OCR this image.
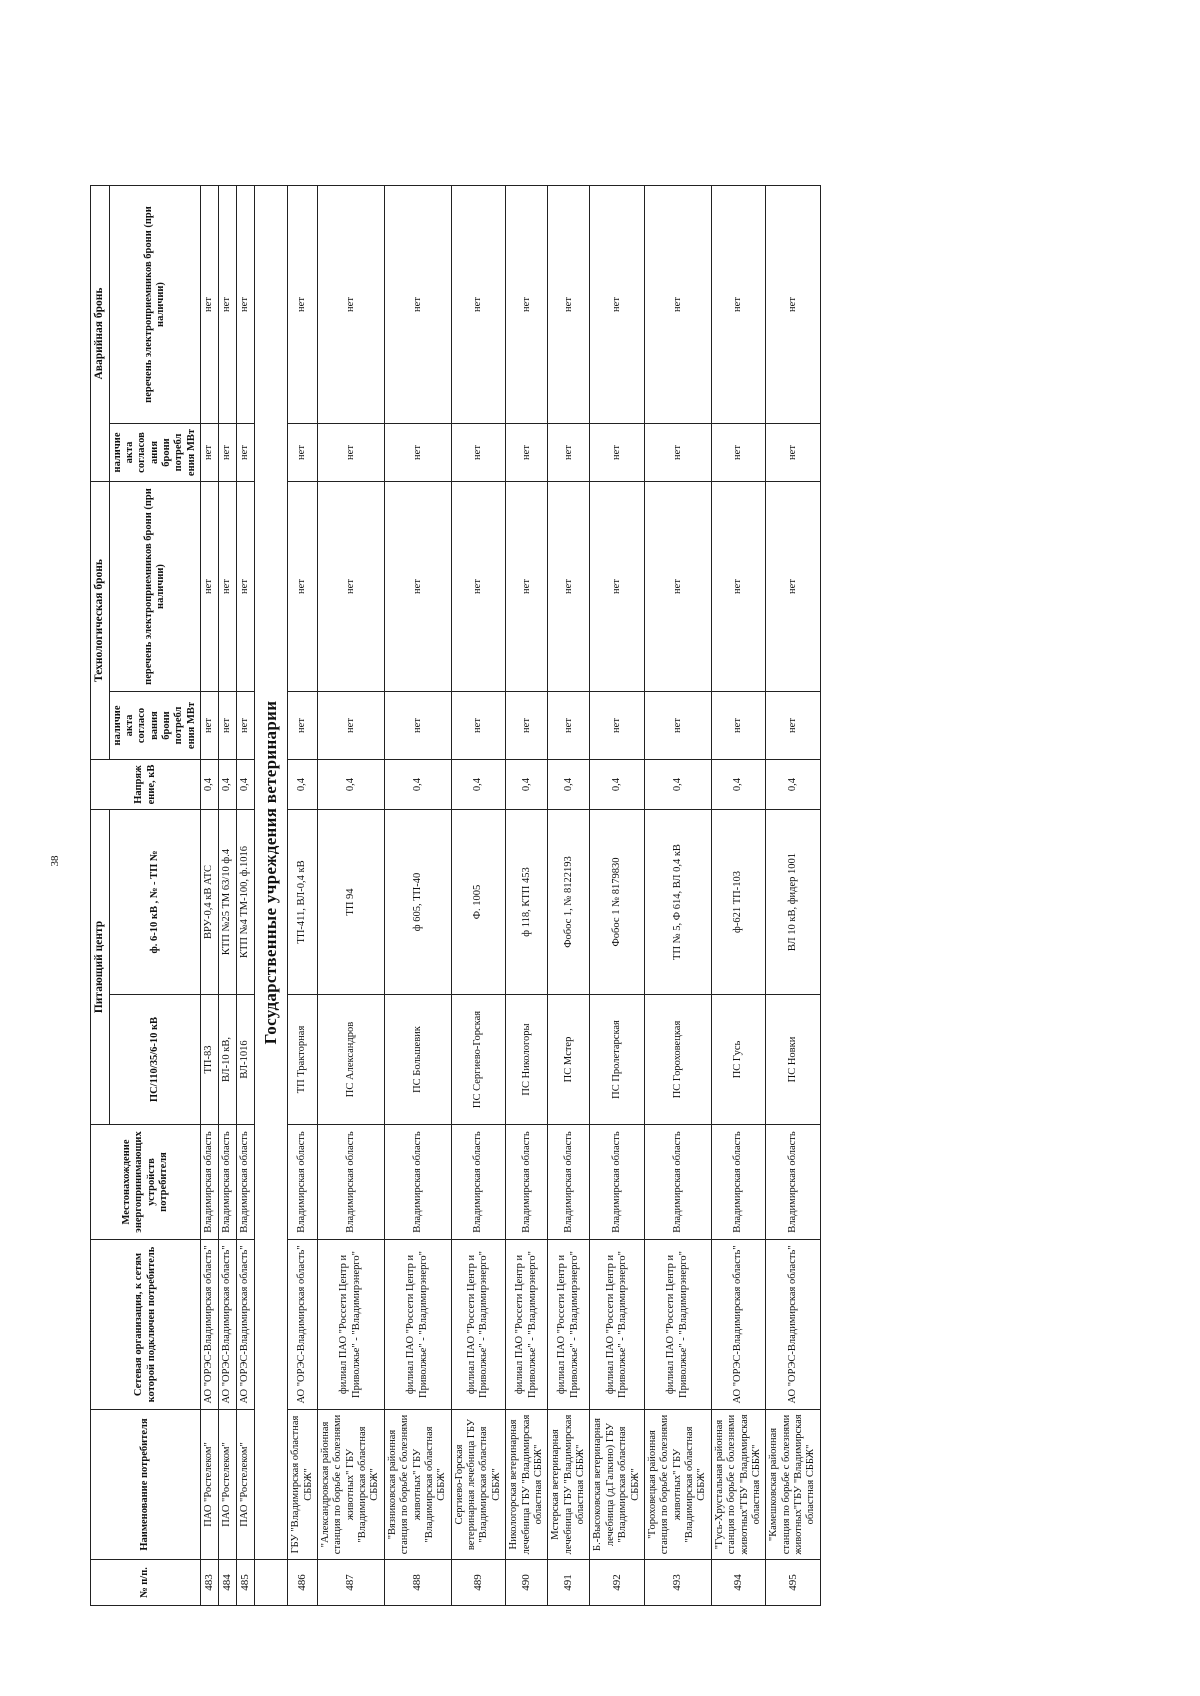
38
№ п/п.	Наименование потребителя	Сетевая организация, к сетям которой подключен потребитель	Местонахождение энергопринимающих устройств потребителя	Питающий центр		Напряж ение, кВ	Технологическая бронь		Аварийная бронь	
				ПС/110/35/6-10 кВ	ф. 6-10 кВ , № - ТП №		наличие акта согласо вания брони потребл ения МВт	перечень электроприемников брони (при наличии)	наличие акта согласов ания брони потребл ения МВт	перечень электроприемников брони (при наличии)
483	ПАО "Ростелеком"	АО "ОРЭС-Владимирская область"	Владимирская область	ТП-83	ВРУ-0,4 кВ АТС	0,4	нет	нет	нет	нет
484	ПАО "Ростелеком"	АО "ОРЭС-Владимирская область"	Владимирская область	ВЛ-10 кВ,	КТП №25 ТМ 63/10 ф.4	0,4	нет	нет	нет	нет
485	ПАО "Ростелеком"	АО "ОРЭС-Владимирская область"	Владимирская область	ВЛ-1016	КТП №4 ТМ-100, ф.1016	0,4	нет	нет	нет	нет
	Государственные учреждения ветеринарии									
486	ГБУ "Владимирская областная СББЖ"	АО "ОРЭС-Владимирская область"	Владимирская область	ТП Тракторная	ТП-411, ВЛ-0,4 кВ	0,4	нет	нет	нет	нет
487	"Александровская районная станция по борьбе с болезнями животных" ГБУ "Владимирская областная СББЖ"	филиал ПАО "Россети Центр и Приволжье" - "Владимирэнерго"	Владимирская область	ПС Александров	ТП 94	0,4	нет	нет	нет	нет
488	"Вязниковская районная станция по борьбе с болезнями животных" ГБУ "Владимирская областная СББЖ"	филиал ПАО "Россети Центр и Приволжье" - "Владимирэнерго"	Владимирская область	ПС Большевик	ф 605, ТП-40	0,4	нет	нет	нет	нет
489	Сергиево-Горская ветеринарная лечебница ГБУ "Владимирская областная СББЖ"	филиал ПАО "Россети Центр и Приволжье" - "Владимирэнерго"	Владимирская область	ПС Сергиево-Горская	Ф. 1005	0,4	нет	нет	нет	нет
490	Никологорская ветеринарная лечебница ГБУ "Владимирская областная СББЖ"	филиал ПАО "Россети Центр и Приволжье" - "Владимирэнерго"	Владимирская область	ПС Никологоры	ф 118, КТП 453	0,4	нет	нет	нет	нет
491	Мстерская ветеринарная лечебница ГБУ "Владимирская областная СББЖ"	филиал ПАО "Россети Центр и Приволжье" - "Владимирэнерго"	Владимирская область	ПС Мстер	Фобос 1, № 8122193	0,4	нет	нет	нет	нет
492	Б.-Высоковская ветеринарная лечебница (д.Галкино) ГБУ "Владимирская областная СББЖ"	филиал ПАО "Россети Центр и Приволжье" - "Владимирэнерго"	Владимирская область	ПС Пролетарская	Фобос 1 № 8179830	0,4	нет	нет	нет	нет
493	"Гороховецкая районная станция по борьбе с болезнями животных" ГБУ "Владимирская областная СББЖ"	филиал ПАО "Россети Центр и Приволжье" - "Владимирэнерго"	Владимирская область	ПС Гороховецкая	ТП № 5, Ф 614, ВЛ 0,4 кВ	0,4	нет	нет	нет	нет
494	"Гусь-Хрустальная районная станция по борьбе с болезнями животных"ГБУ "Владимирская областная СББЖ"	АО "ОРЭС-Владимирская область"	Владимирская область	ПС Гусь	ф-621 ТП-103	0,4	нет	нет	нет	нет
495	"Камешковская районная станция по борьбе с болезнями животных"ГБУ "Владимирская областная СББЖ"	АО "ОРЭС-Владимирская область"	Владимирская область	ПС Новки	ВЛ 10 кВ, фидер 1001	0,4	нет	нет	нет	нет
